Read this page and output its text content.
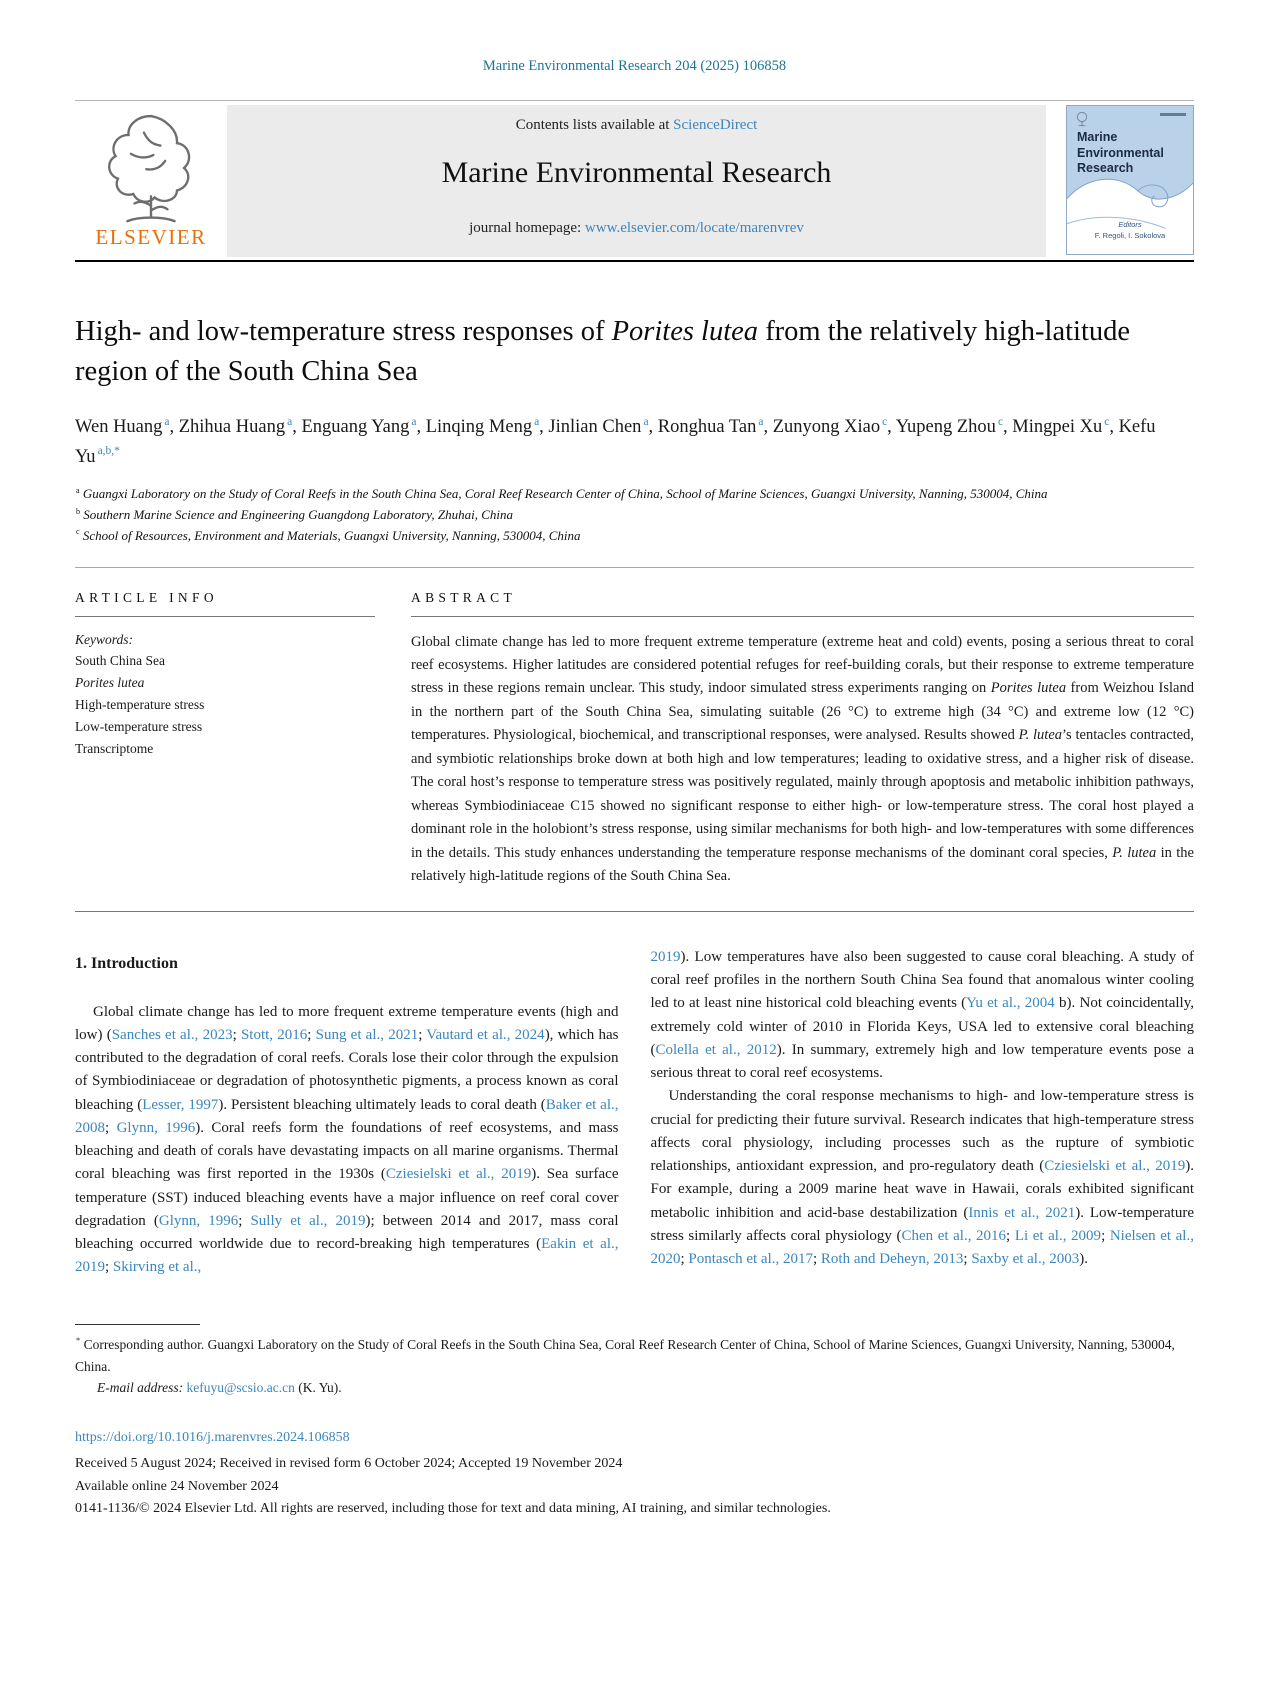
Marine Environmental Research 204 (2025) 106858
ELSEVIER
Contents lists available at ScienceDirect
Marine Environmental Research
journal homepage: www.elsevier.com/locate/marenvrev
Marine
Environmental
Research
Editors
F. Regoli, I. Sokolova
High- and low-temperature stress responses of Porites lutea from the relatively high-latitude region of the South China Sea
Wen Huang $^a$, Zhihua Huang $^a$, Enguang Yang $^a$, Linqing Meng $^a$, Jinlian Chen $^a$, Ronghua Tan $^a$, Zunyong Xiao $^c$, Yupeng Zhou $^c$, Mingpei Xu $^c$, Kefu Yu $^{a,b,*}$
$^a$ Guangxi Laboratory on the Study of Coral Reefs in the South China Sea, Coral Reef Research Center of China, School of Marine Sciences, Guangxi University, Nanning, 530004, China
$^b$ Southern Marine Science and Engineering Guangdong Laboratory, Zhuhai, China
$^c$ School of Resources, Environment and Materials, Guangxi University, Nanning, 530004, China
ARTICLE INFO
Keywords:
South China Sea
Porites lutea
High-temperature stress
Low-temperature stress
Transcriptome
ABSTRACT
Global climate change has led to more frequent extreme temperature (extreme heat and cold) events, posing a serious threat to coral reef ecosystems. Higher latitudes are considered potential refuges for reef-building corals, but their response to extreme temperature stress in these regions remain unclear. This study, indoor simulated stress experiments ranging on Porites lutea from Weizhou Island in the northern part of the South China Sea, simulating suitable (26 °C) to extreme high (34 °C) and extreme low (12 °C) temperatures. Physiological, biochemical, and transcriptional responses, were analysed. Results showed P. lutea’s tentacles contracted, and symbiotic relationships broke down at both high and low temperatures; leading to oxidative stress, and a higher risk of disease. The coral host’s response to temperature stress was positively regulated, mainly through apoptosis and metabolic inhibition pathways, whereas Symbiodiniaceae C15 showed no significant response to either high- or low-temperature stress. The coral host played a dominant role in the holobiont’s stress response, using similar mechanisms for both high- and low-temperatures with some differences in the details. This study enhances understanding the temperature response mechanisms of the dominant coral species, P. lutea in the relatively high-latitude regions of the South China Sea.
1. Introduction

Global climate change has led to more frequent extreme temperature events (high and low) (Sanches et al., 2023; Stott, 2016; Sung et al., 2021; Vautard et al., 2024), which has contributed to the degradation of coral reefs. Corals lose their color through the expulsion of Symbiodiniaceae or degradation of photosynthetic pigments, a process known as coral bleaching (Lesser, 1997). Persistent bleaching ultimately leads to coral death (Baker et al., 2008; Glynn, 1996). Coral reefs form the foundations of reef ecosystems, and mass bleaching and death of corals have devastating impacts on all marine organisms. Thermal coral bleaching was first reported in the 1930s (Cziesielski et al., 2019). Sea surface temperature (SST) induced bleaching events have a major influence on reef coral cover degradation (Glynn, 1996; Sully et al., 2019); between 2014 and 2017, mass coral bleaching occurred worldwide due to record-breaking high temperatures (Eakin et al., 2019; Skirving et al.,

2019). Low temperatures have also been suggested to cause coral bleaching. A study of coral reef profiles in the northern South China Sea found that anomalous winter cooling led to at least nine historical cold bleaching events (Yu et al., 2004 b). Not coincidentally, extremely cold winter of 2010 in Florida Keys, USA led to extensive coral bleaching (Colella et al., 2012). In summary, extremely high and low temperature events pose a serious threat to coral reef ecosystems.

Understanding the coral response mechanisms to high- and low-temperature stress is crucial for predicting their future survival. Research indicates that high-temperature stress affects coral physiology, including processes such as the rupture of symbiotic relationships, antioxidant expression, and pro-regulatory death (Cziesielski et al., 2019). For example, during a 2009 marine heat wave in Hawaii, corals exhibited significant metabolic inhibition and acid-base destabilization (Innis et al., 2021). Low-temperature stress similarly affects coral physiology (Chen et al., 2016; Li et al., 2009; Nielsen et al., 2020; Pontasch et al., 2017; Roth and Deheyn, 2013; Saxby et al., 2003).

* Corresponding author. Guangxi Laboratory on the Study of Coral Reefs in the South China Sea, Coral Reef Research Center of China, School of Marine Sciences, Guangxi University, Nanning, 530004, China.
E-mail address: kefuyu@scsio.ac.cn (K. Yu).
https://doi.org/10.1016/j.marenvres.2024.106858
Received 5 August 2024; Received in revised form 6 October 2024; Accepted 19 November 2024
Available online 24 November 2024
0141-1136/© 2024 Elsevier Ltd. All rights are reserved, including those for text and data mining, AI training, and similar technologies.
